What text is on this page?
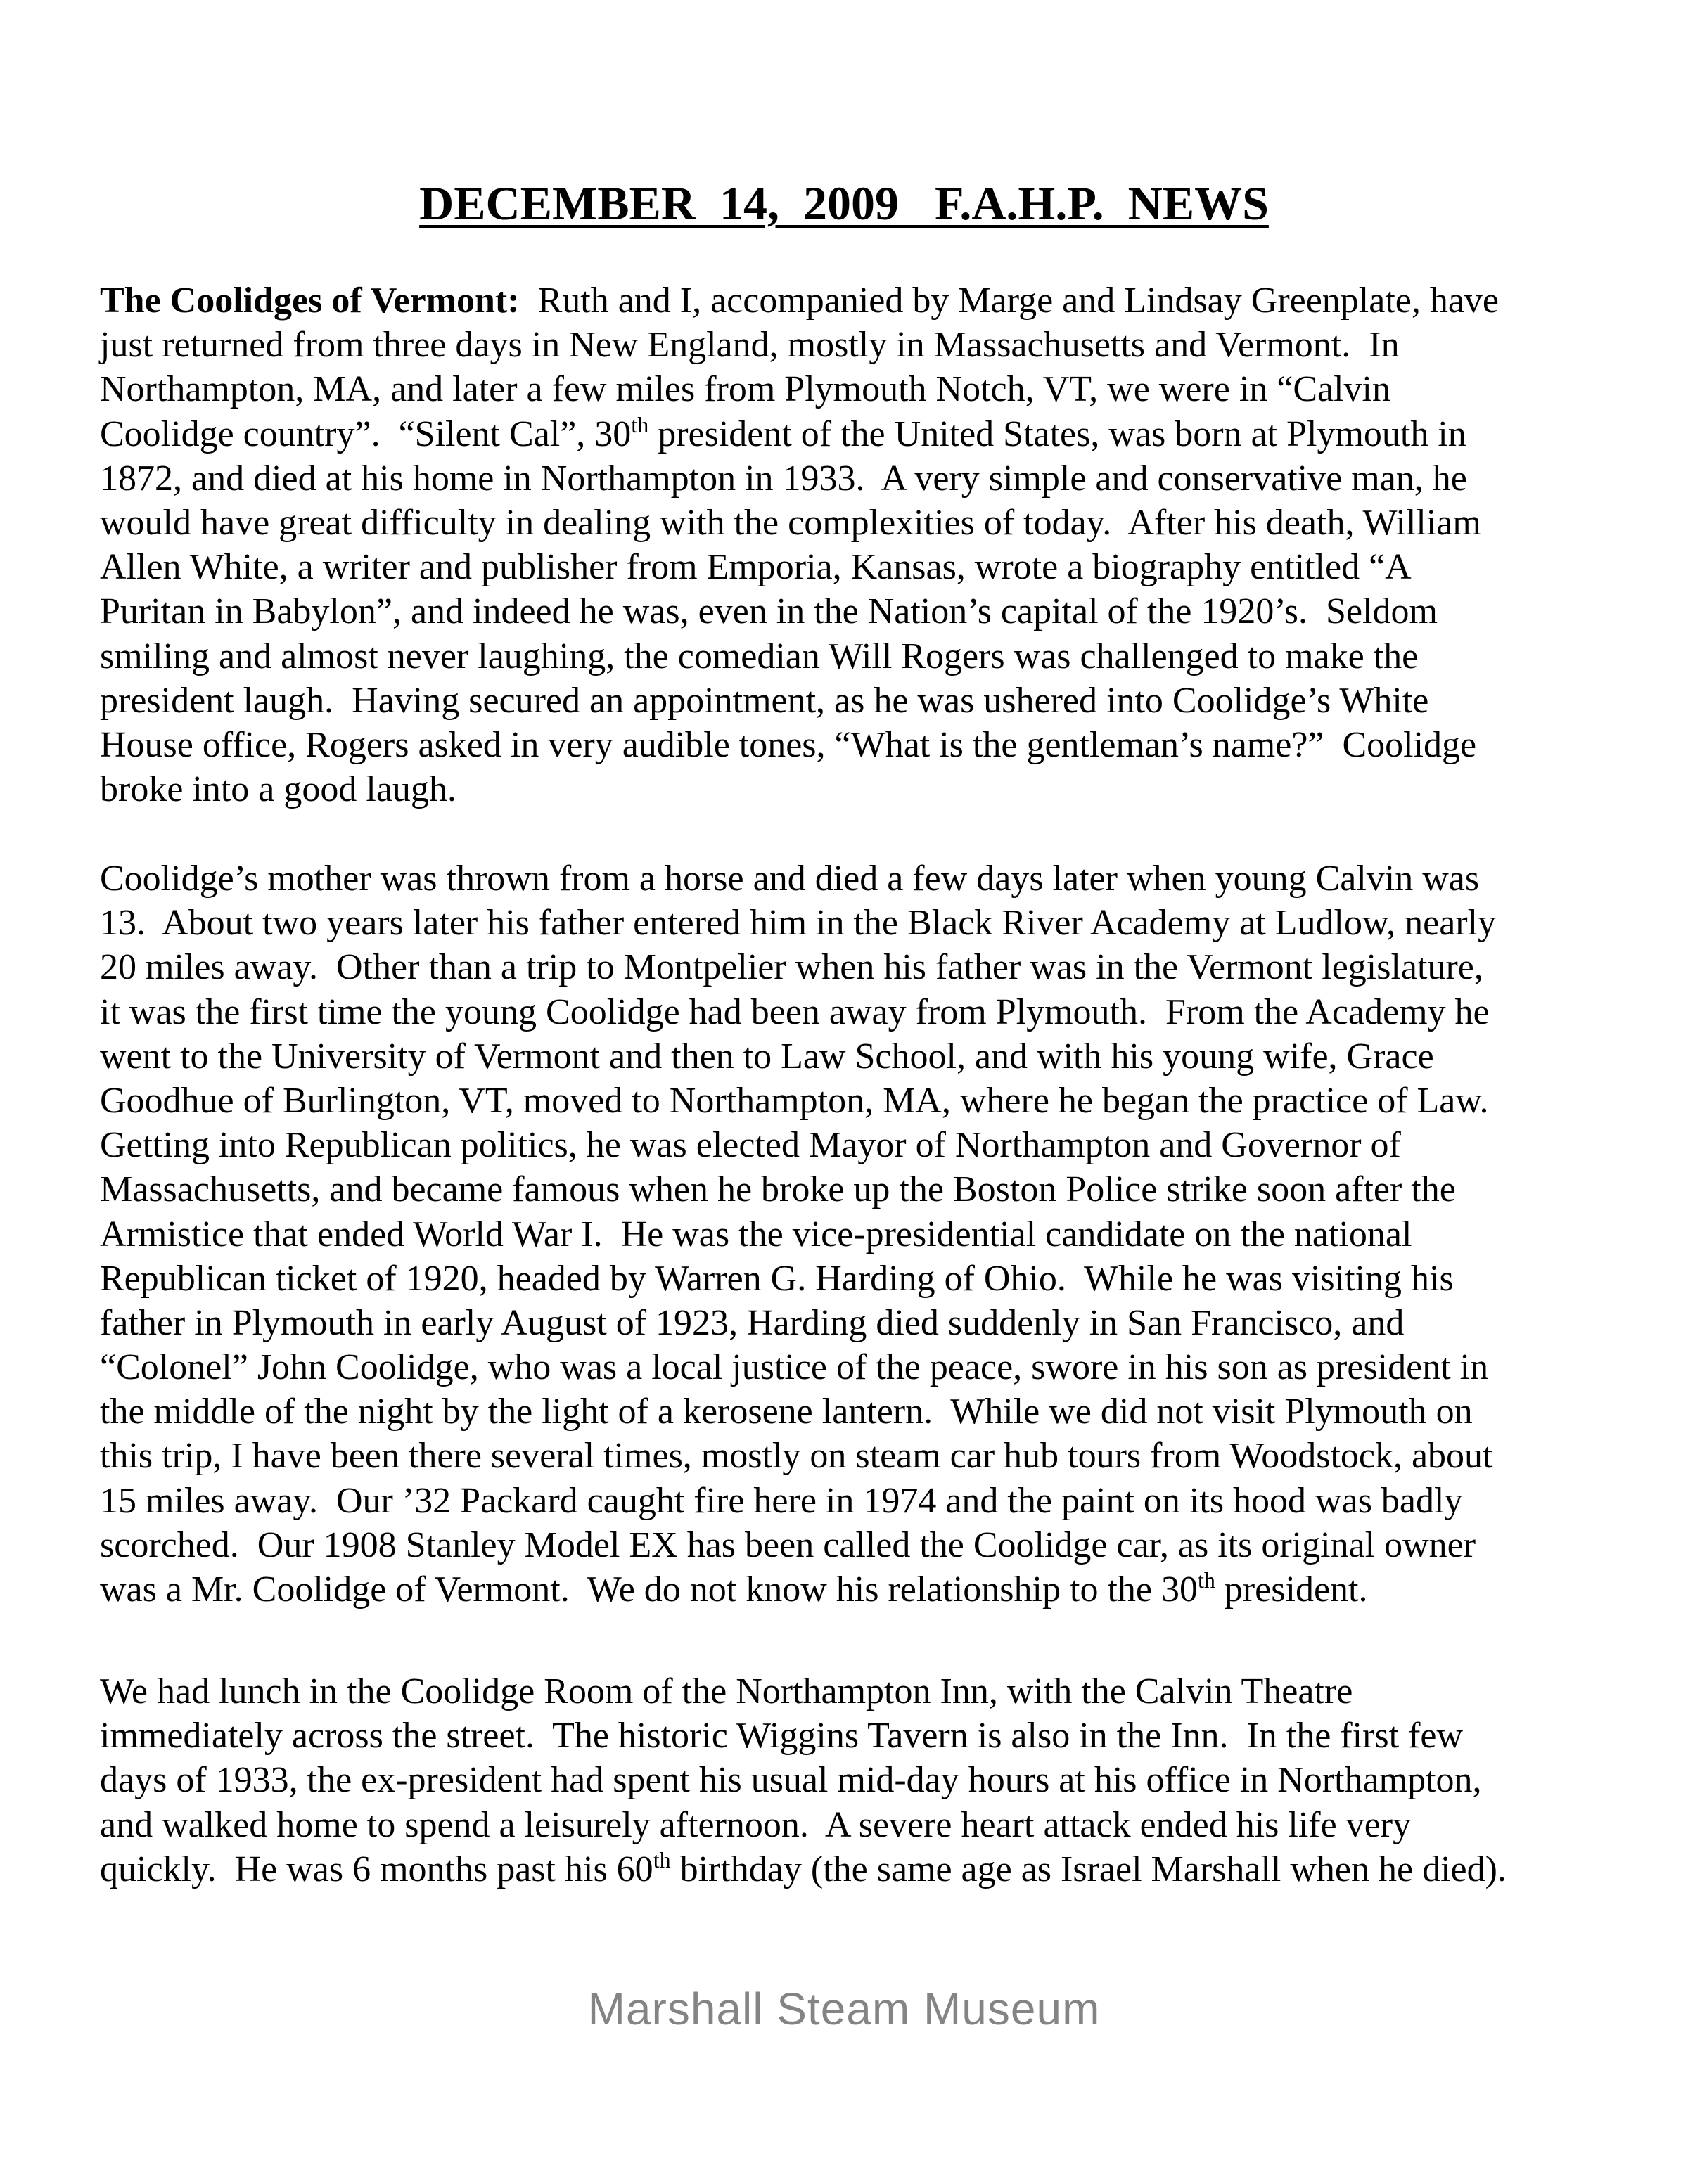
DECEMBER  14,  2009   F.A.H.P.  NEWS
The Coolidges of Vermont:  Ruth and I, accompanied by Marge and Lindsay Greenplate, have
just returned from three days in New England, mostly in Massachusetts and Vermont.  In
Northampton, MA, and later a few miles from Plymouth Notch, VT, we were in “Calvin
Coolidge country”.  “Silent Cal”, 30th president of the United States, was born at Plymouth in
1872, and died at his home in Northampton in 1933.  A very simple and conservative man, he
would have great difficulty in dealing with the complexities of today.  After his death, William
Allen White, a writer and publisher from Emporia, Kansas, wrote a biography entitled “A
Puritan in Babylon”, and indeed he was, even in the Nation’s capital of the 1920’s.  Seldom
smiling and almost never laughing, the comedian Will Rogers was challenged to make the
president laugh.  Having secured an appointment, as he was ushered into Coolidge’s White
House office, Rogers asked in very audible tones, “What is the gentleman’s name?”  Coolidge
broke into a good laugh.
Coolidge’s mother was thrown from a horse and died a few days later when young Calvin was
13.  About two years later his father entered him in the Black River Academy at Ludlow, nearly
20 miles away.  Other than a trip to Montpelier when his father was in the Vermont legislature,
it was the first time the young Coolidge had been away from Plymouth.  From the Academy he
went to the University of Vermont and then to Law School, and with his young wife, Grace
Goodhue of Burlington, VT, moved to Northampton, MA, where he began the practice of Law.
Getting into Republican politics, he was elected Mayor of Northampton and Governor of
Massachusetts, and became famous when he broke up the Boston Police strike soon after the
Armistice that ended World War I.  He was the vice-presidential candidate on the national
Republican ticket of 1920, headed by Warren G. Harding of Ohio.  While he was visiting his
father in Plymouth in early August of 1923, Harding died suddenly in San Francisco, and
“Colonel” John Coolidge, who was a local justice of the peace, swore in his son as president in
the middle of the night by the light of a kerosene lantern.  While we did not visit Plymouth on
this trip, I have been there several times, mostly on steam car hub tours from Woodstock, about
15 miles away.  Our ’32 Packard caught fire here in 1974 and the paint on its hood was badly
scorched.  Our 1908 Stanley Model EX has been called the Coolidge car, as its original owner
was a Mr. Coolidge of Vermont.  We do not know his relationship to the 30th president.
We had lunch in the Coolidge Room of the Northampton Inn, with the Calvin Theatre
immediately across the street.  The historic Wiggins Tavern is also in the Inn.  In the first few
days of 1933, the ex-president had spent his usual mid-day hours at his office in Northampton,
and walked home to spend a leisurely afternoon.  A severe heart attack ended his life very
quickly.  He was 6 months past his 60th birthday (the same age as Israel Marshall when he died).
Marshall Steam Museum
